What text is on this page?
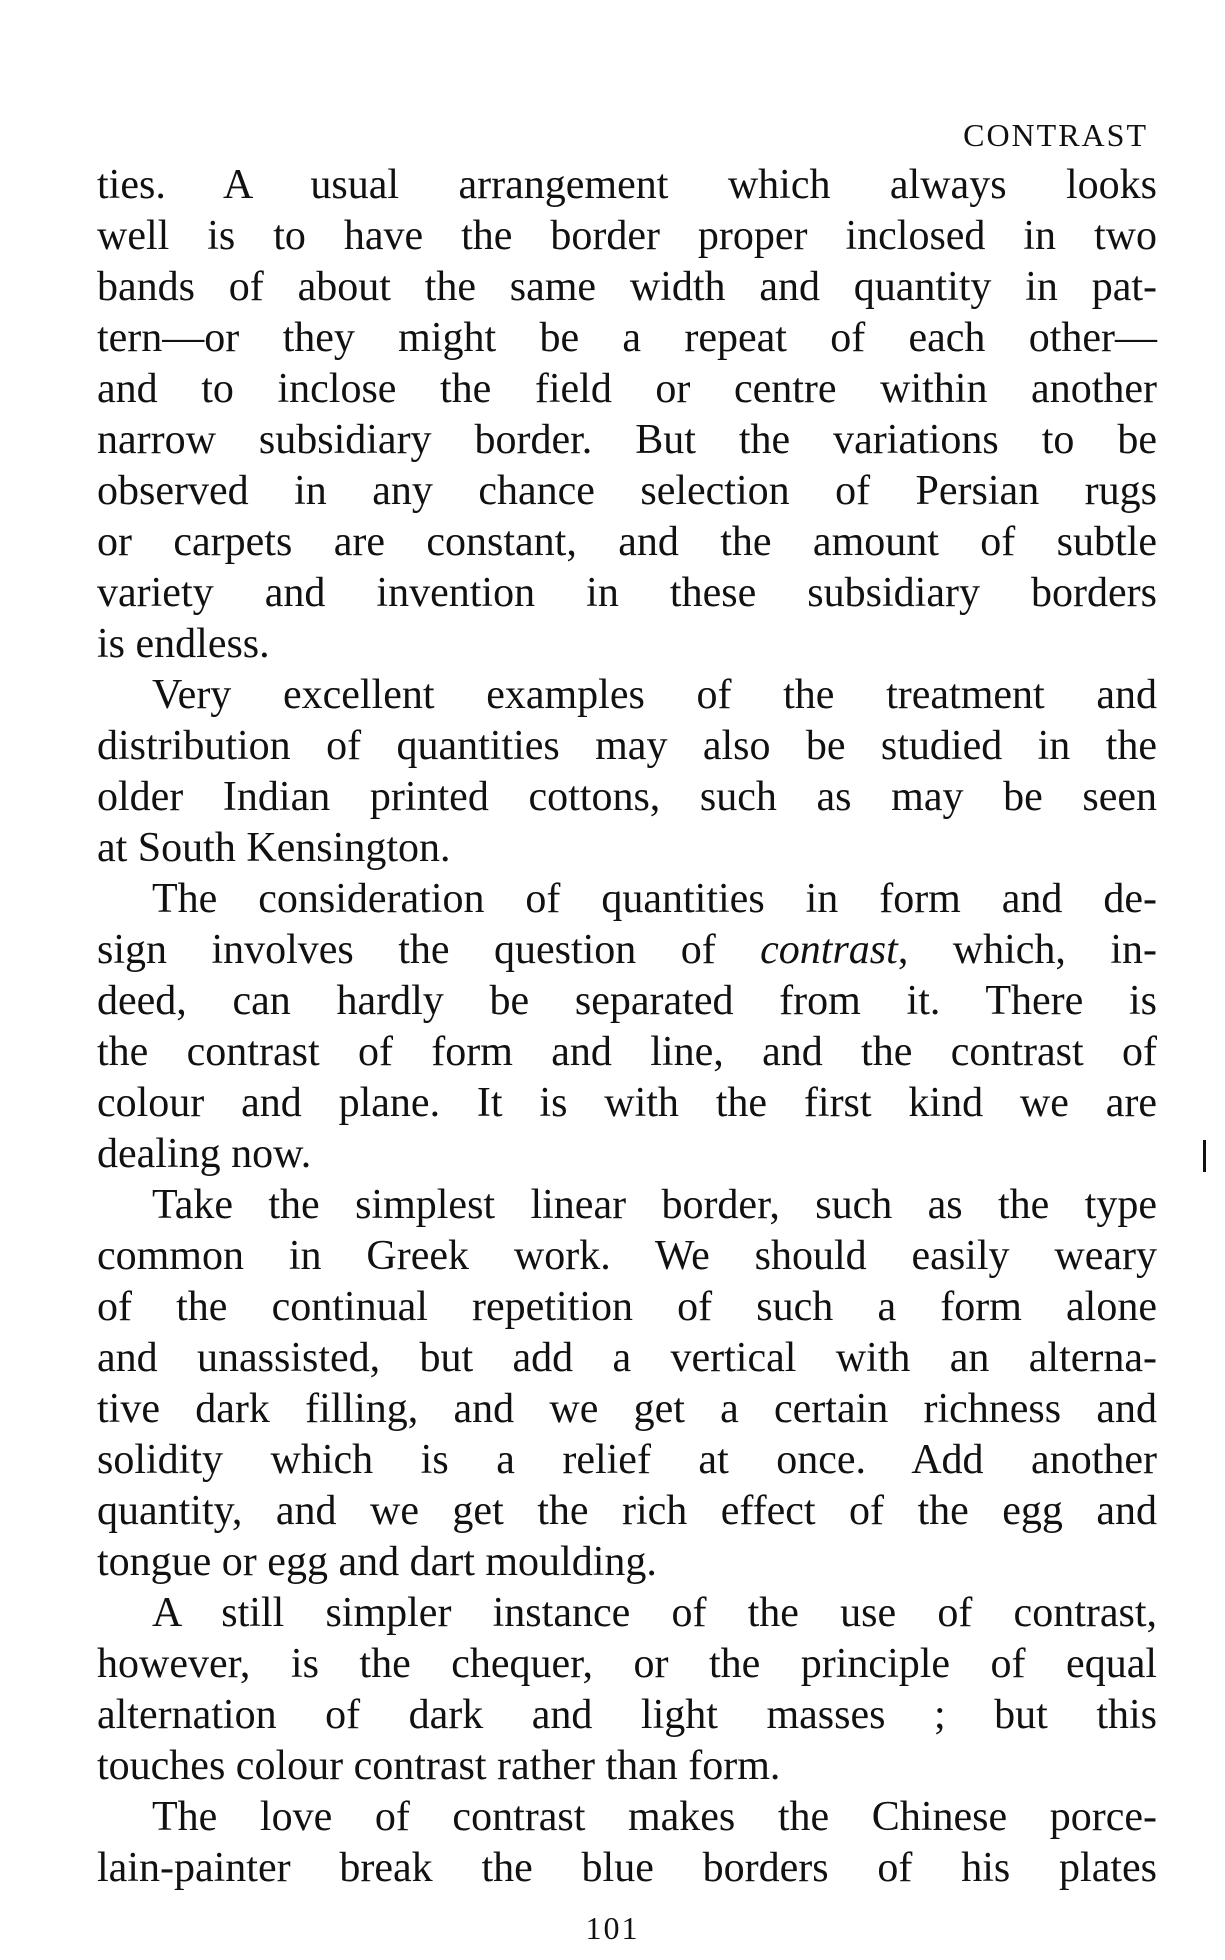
CONTRAST
ties. A usual arrangement which always looks
well is to have the border proper inclosed in two
bands of about the same width and quantity in pat-
tern—or they might be a repeat of each other—
and to inclose the field or centre within another
narrow subsidiary border. But the variations to be
observed in any chance selection of Persian rugs
or carpets are constant, and the amount of subtle
variety and invention in these subsidiary borders
is endless.
Very excellent examples of the treatment and
distribution of quantities may also be studied in the
older Indian printed cottons, such as may be seen
at South Kensington.
The consideration of quantities in form and de-
sign involves the question of contrast, which, in-
deed, can hardly be separated from it. There is
the contrast of form and line, and the contrast of
colour and plane. It is with the first kind we are
dealing now.
Take the simplest linear border, such as the type
common in Greek work. We should easily weary
of the continual repetition of such a form alone
and unassisted, but add a vertical with an alterna-
tive dark filling, and we get a certain richness and
solidity which is a relief at once. Add another
quantity, and we get the rich effect of the egg and
tongue or egg and dart moulding.
A still simpler instance of the use of contrast,
however, is the chequer, or the principle of equal
alternation of dark and light masses ; but this
touches colour contrast rather than form.
The love of contrast makes the Chinese porce-
lain-painter break the blue borders of his plates
101
